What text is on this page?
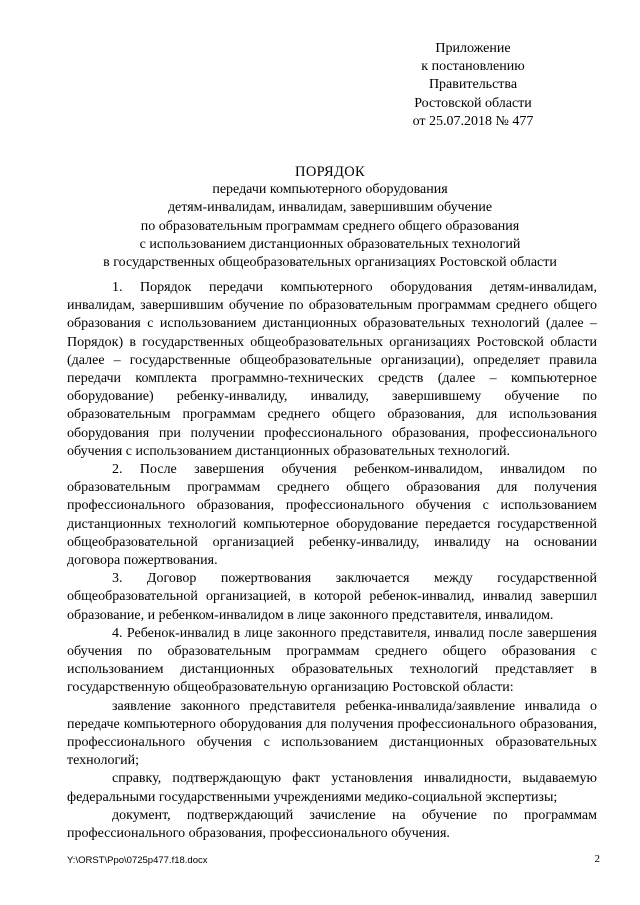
Приложение
к постановлению
Правительства
Ростовской области
от 25.07.2018 № 477
ПОРЯДОК
передачи компьютерного оборудования
детям-инвалидам, инвалидам, завершившим обучение
по образовательным программам среднего общего образования
с использованием дистанционных образовательных технологий
в государственных общеобразовательных организациях Ростовской области

1. Порядок передачи компьютерного оборудования детям-инвалидам, инвалидам, завершившим обучение по образовательным программам среднего общего образования с использованием дистанционных образовательных технологий (далее – Порядок) в государственных общеобразовательных организациях Ростовской области (далее – государственные общеобразовательные организации), определяет правила передачи комплекта программно-технических средств (далее – компьютерное оборудование) ребенку-инвалиду, инвалиду, завершившему обучение по образовательным программам среднего общего образования, для использования оборудования при получении профессионального образования, профессионального обучения с использованием дистанционных образовательных технологий.

2. После завершения обучения ребенком-инвалидом, инвалидом по образовательным программам среднего общего образования для получения профессионального образования, профессионального обучения с использованием дистанционных технологий компьютерное оборудование передается государственной общеобразовательной организацией ребенку-инвалиду, инвалиду на основании договора пожертвования.

3. Договор пожертвования заключается между государственной общеобразовательной организацией, в которой ребенок-инвалид, инвалид завершил образование, и ребенком-инвалидом в лице законного представителя, инвалидом.

4. Ребенок-инвалид в лице законного представителя, инвалид после завершения обучения по образовательным программам среднего общего образования с использованием дистанционных образовательных технологий представляет в государственную общеобразовательную организацию Ростовской области:

заявление законного представителя ребенка-инвалида/заявление инвалида о передаче компьютерного оборудования для получения профессионального образования, профессионального обучения с использованием дистанционных образовательных технологий;

справку, подтверждающую факт установления инвалидности, выдаваемую федеральными государственными учреждениями медико-социальной экспертизы;

документ, подтверждающий зачисление на обучение по программам профессионального образования, профессионального обучения.

Y:\ORST\Ppo\0725p477.f18.docx	2
